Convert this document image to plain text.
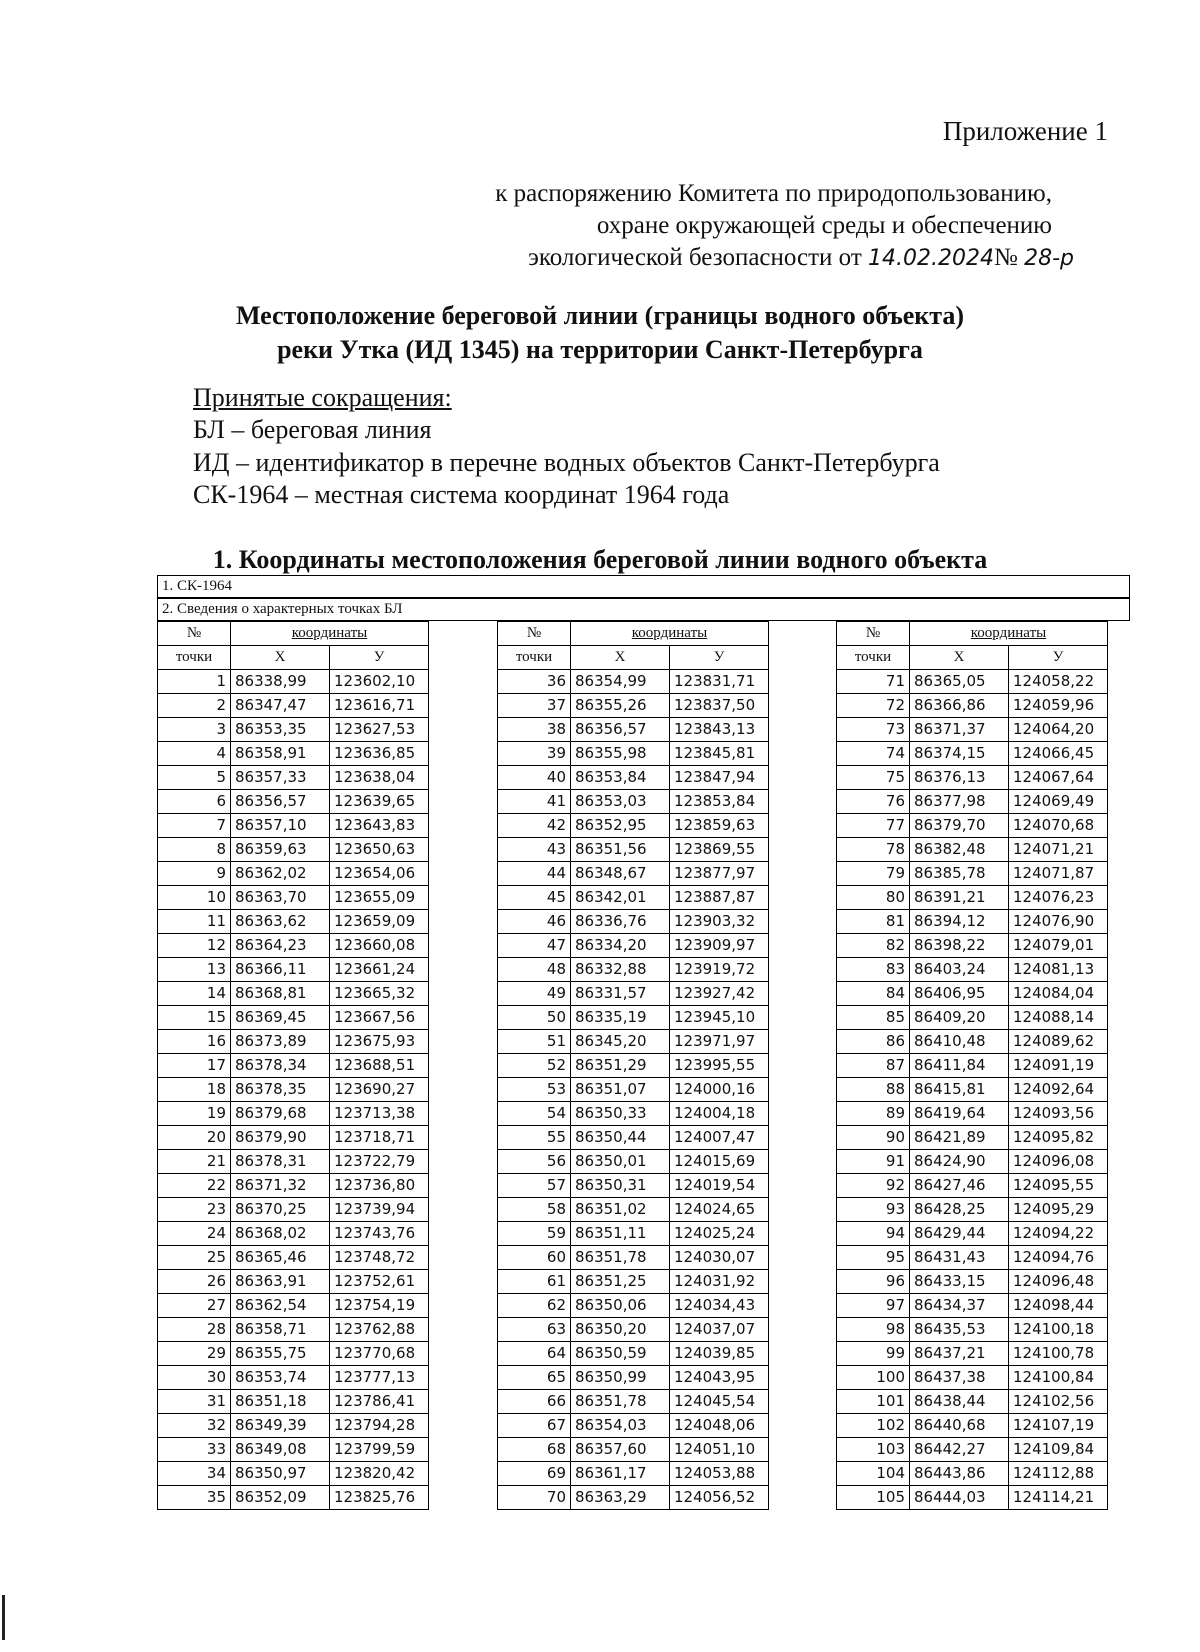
Приложение 1
к распоряжению Комитета по природопользованию,
охране окружающей среды и обеспечению
экологической безопасности от 14.02.2024№ 28-р
Местоположение береговой линии (границы водного объекта)
реки Утка (ИД 1345) на территории Санкт-Петербурга
Принятые сокращения:
БЛ – береговая линия
ИД – идентификатор в перечне водных объектов Санкт-Петербурга
СК-1964 – местная система координат 1964 года
1. Координаты местоположения береговой линии водного объекта
1. СК-1964
2. Сведения о характерных точках БЛ
№	координаты	
точки	X	У
1	86338,99	123602,10
2	86347,47	123616,71
3	86353,35	123627,53
4	86358,91	123636,85
5	86357,33	123638,04
6	86356,57	123639,65
7	86357,10	123643,83
8	86359,63	123650,63
9	86362,02	123654,06
10	86363,70	123655,09
11	86363,62	123659,09
12	86364,23	123660,08
13	86366,11	123661,24
14	86368,81	123665,32
15	86369,45	123667,56
16	86373,89	123675,93
17	86378,34	123688,51
18	86378,35	123690,27
19	86379,68	123713,38
20	86379,90	123718,71
21	86378,31	123722,79
22	86371,32	123736,80
23	86370,25	123739,94
24	86368,02	123743,76
25	86365,46	123748,72
26	86363,91	123752,61
27	86362,54	123754,19
28	86358,71	123762,88
29	86355,75	123770,68
30	86353,74	123777,13
31	86351,18	123786,41
32	86349,39	123794,28
33	86349,08	123799,59
34	86350,97	123820,42
35	86352,09	123825,76
№	координаты	
точки	X	У
36	86354,99	123831,71
37	86355,26	123837,50
38	86356,57	123843,13
39	86355,98	123845,81
40	86353,84	123847,94
41	86353,03	123853,84
42	86352,95	123859,63
43	86351,56	123869,55
44	86348,67	123877,97
45	86342,01	123887,87
46	86336,76	123903,32
47	86334,20	123909,97
48	86332,88	123919,72
49	86331,57	123927,42
50	86335,19	123945,10
51	86345,20	123971,97
52	86351,29	123995,55
53	86351,07	124000,16
54	86350,33	124004,18
55	86350,44	124007,47
56	86350,01	124015,69
57	86350,31	124019,54
58	86351,02	124024,65
59	86351,11	124025,24
60	86351,78	124030,07
61	86351,25	124031,92
62	86350,06	124034,43
63	86350,20	124037,07
64	86350,59	124039,85
65	86350,99	124043,95
66	86351,78	124045,54
67	86354,03	124048,06
68	86357,60	124051,10
69	86361,17	124053,88
70	86363,29	124056,52
№	координаты	
точки	X	У
71	86365,05	124058,22
72	86366,86	124059,96
73	86371,37	124064,20
74	86374,15	124066,45
75	86376,13	124067,64
76	86377,98	124069,49
77	86379,70	124070,68
78	86382,48	124071,21
79	86385,78	124071,87
80	86391,21	124076,23
81	86394,12	124076,90
82	86398,22	124079,01
83	86403,24	124081,13
84	86406,95	124084,04
85	86409,20	124088,14
86	86410,48	124089,62
87	86411,84	124091,19
88	86415,81	124092,64
89	86419,64	124093,56
90	86421,89	124095,82
91	86424,90	124096,08
92	86427,46	124095,55
93	86428,25	124095,29
94	86429,44	124094,22
95	86431,43	124094,76
96	86433,15	124096,48
97	86434,37	124098,44
98	86435,53	124100,18
99	86437,21	124100,78
100	86437,38	124100,84
101	86438,44	124102,56
102	86440,68	124107,19
103	86442,27	124109,84
104	86443,86	124112,88
105	86444,03	124114,21
